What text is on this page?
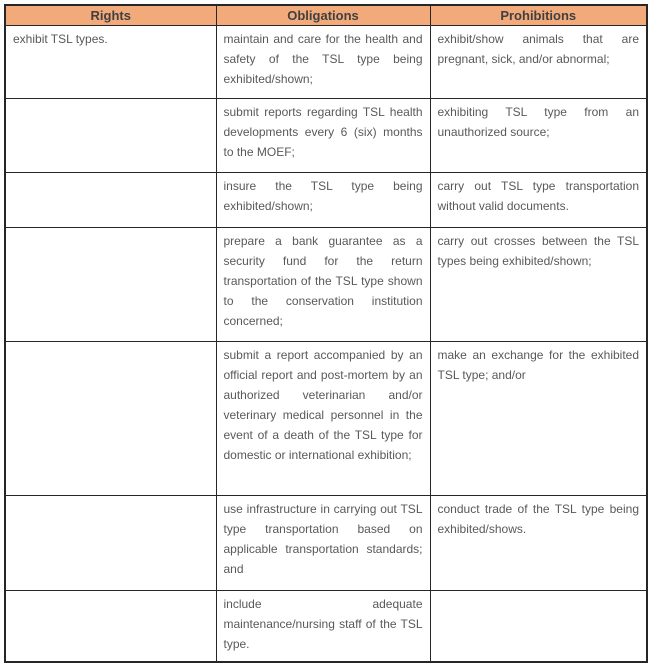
Rights	Obligations	Prohibitions
exhibit TSL types.	maintain and care for the health and safety of the TSL type being exhibited/shown;	exhibit/show animals that are pregnant, sick, and/or abnormal;
	submit reports regarding TSL health developments every 6 (six) months to the MOEF;	exhibiting TSL type from an unauthorized source;
	insure the TSL type being exhibited/shown;	carry out TSL type transportation without valid documents.
	prepare a bank guarantee as a security fund for the return transportation of the TSL type shown to the conservation institution concerned;	carry out crosses between the TSL types being exhibited/shown;
	submit a report accompanied by an official report and post-mortem by an authorized veterinarian and/or veterinary medical personnel in the event of a death of the TSL type for domestic or international exhibition;	make an exchange for the exhibited TSL type; and/or
	use infrastructure in carrying out TSL type transportation based on applicable transportation standards; and	conduct trade of the TSL type being exhibited/shows.
	include adequate maintenance/nursing staff of the TSL type.	
